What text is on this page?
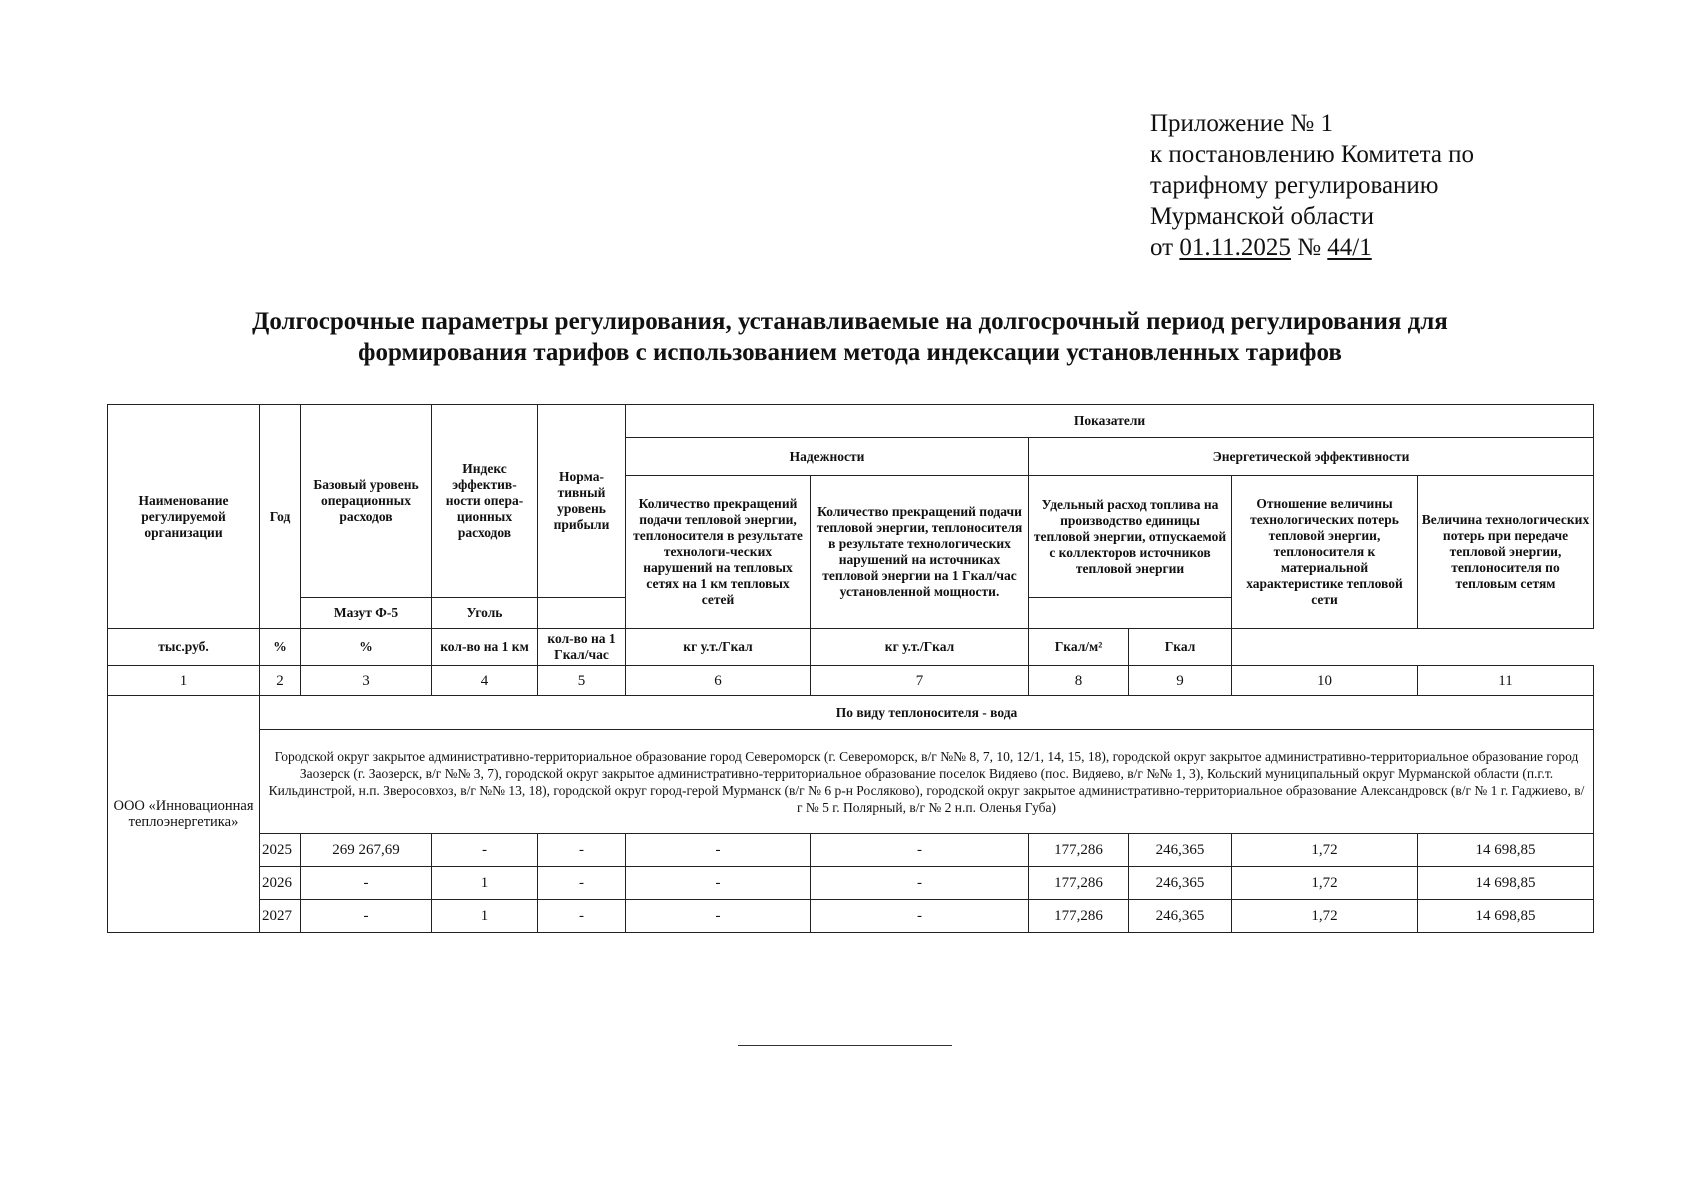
Приложение № 1
к постановлению Комитета по
тарифному регулированию
Мурманской области
от 01.11.2025 № 44/1
Долгосрочные параметры регулирования, устанавливаемые на долгосрочный период регулирования для
формирования тарифов с использованием метода индексации установленных тарифов
Наименование регулируемой организации	Год	Базовый уровень операционных расходов	Индекс эффектив-ности опера-ционных расходов	Норма-тивный уровень прибыли	Показатели					
					Надежности		Энергетической эффективности			
					Количество прекращений подачи тепловой энергии, теплоносителя в результате технологи-ческих нарушений на тепловых сетях на 1 км тепловых сетей	Количество прекращений подачи тепловой энергии, теплоносителя в результате технологических нарушений на источниках тепловой энергии на 1 Гкал/час установленной мощности.	Удельный расход топлива на производство единицы тепловой энергии, отпускаемой с коллекторов источников тепловой энергии		Отношение величины технологических потерь тепловой энергии, теплоносителя к материальной характеристике тепловой сети	Величина технологических потерь при передаче тепловой энергии, теплоносителя по тепловым сетям
		Мазут Ф-5	Уголь							
тыс.руб.	%	%	кол-во на 1 км	кол-во на 1 Гкал/час	кг у.т./Гкал	кг у.т./Гкал	Гкал/м²	Гкал		
1	2	3	4	5	6	7	8	9	10	11
ООО «Инновационная теплоэнергетика»	По виду теплоносителя - вода									
	Городской округ закрытое административно-территориальное образование город Североморск (г. Североморск, в/г №№ 8, 7, 10, 12/1, 14, 15, 18), городской округ закрытое административно-территориальное образование город Заозерск (г. Заозерск, в/г №№ 3, 7), городской округ закрытое административно-территориальное образование поселок Видяево (пос. Видяево, в/г №№ 1, 3), Кольский муниципальный округ Мурманской области (п.г.т. Кильдинстрой, н.п. Зверосовхоз, в/г №№ 13, 18), городской округ город-герой Мурманск (в/г № 6 р-н Росляково), городской округ закрытое административно-территориальное образование Александровск (в/г № 1 г. Гаджиево, в/г № 5 г. Полярный, в/г № 2 н.п. Оленья Губа)									
	2025	269 267,69	-	-	-	-	177,286	246,365	1,72	14 698,85
	2026	-	1	-	-	-	177,286	246,365	1,72	14 698,85
	2027	-	1	-	-	-	177,286	246,365	1,72	14 698,85
